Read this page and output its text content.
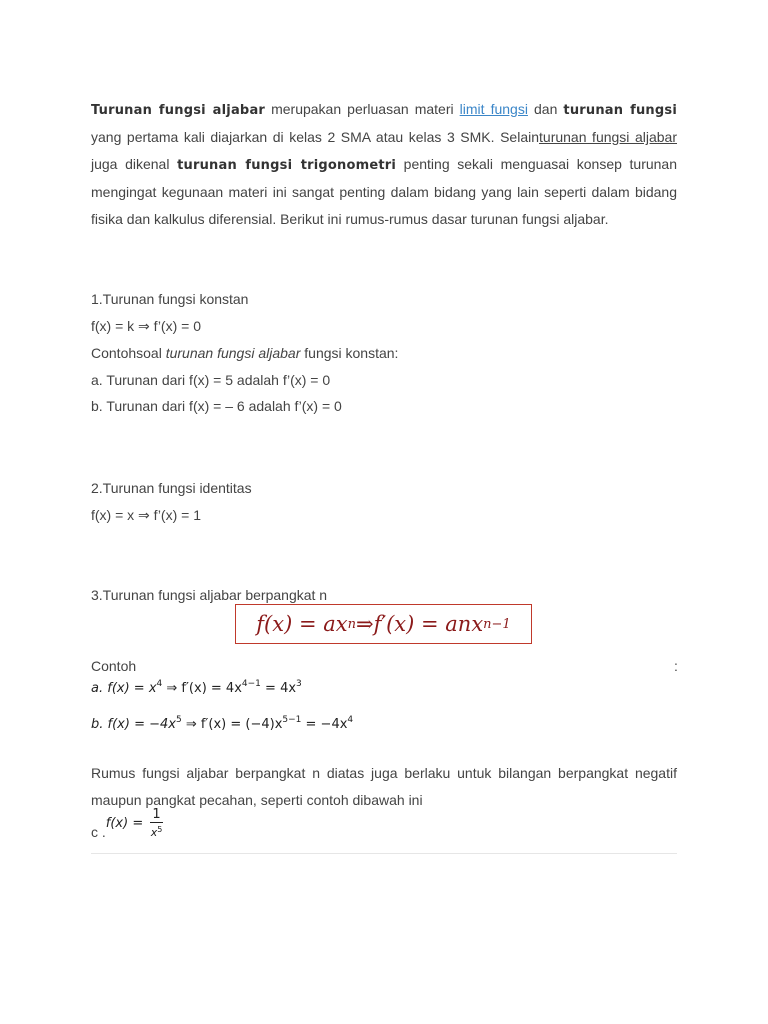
Turunan fungsi aljabar merupakan perluasan materi limit fungsi dan turunan fungsi yang pertama kali diajarkan di kelas 2 SMA atau kelas 3 SMK. Selainturunan fungsi aljabar juga dikenal turunan fungsi trigonometri penting sekali menguasai konsep turunan mengingat kegunaan materi ini sangat penting dalam bidang yang lain seperti dalam bidang fisika dan kalkulus diferensial. Berikut ini rumus-rumus dasar turunan fungsi aljabar.

1.Turunan fungsi konstan
f(x) = k ⇒ f’(x) = 0
Contohsoal turunan fungsi aljabar fungsi konstan:
a. Turunan dari f(x) = 5 adalah f’(x) = 0
b. Turunan dari f(x) = – 6 adalah f’(x) = 0
2.Turunan fungsi identitas
f(x) = x ⇒ f’(x) = 1
3.Turunan fungsi aljabar berpangkat n
f(x) = ax n ⇒ f′(x) = anx n−1
Contoh	:
a. $f(x) = x^4$ ⇒ $f'(x) = 4x^{4-1} = 4x^3$
b. $f(x) = -4x^5$ ⇒ $f'(x) = (-4)x^{5-1} = -4x^4$

Rumus fungsi aljabar berpangkat n diatas juga berlaku untuk bilangan berpangkat negatif maupun pangkat pecahan, seperti contoh dibawah ini

c $.f(x) = \frac{1}{x^5}$
